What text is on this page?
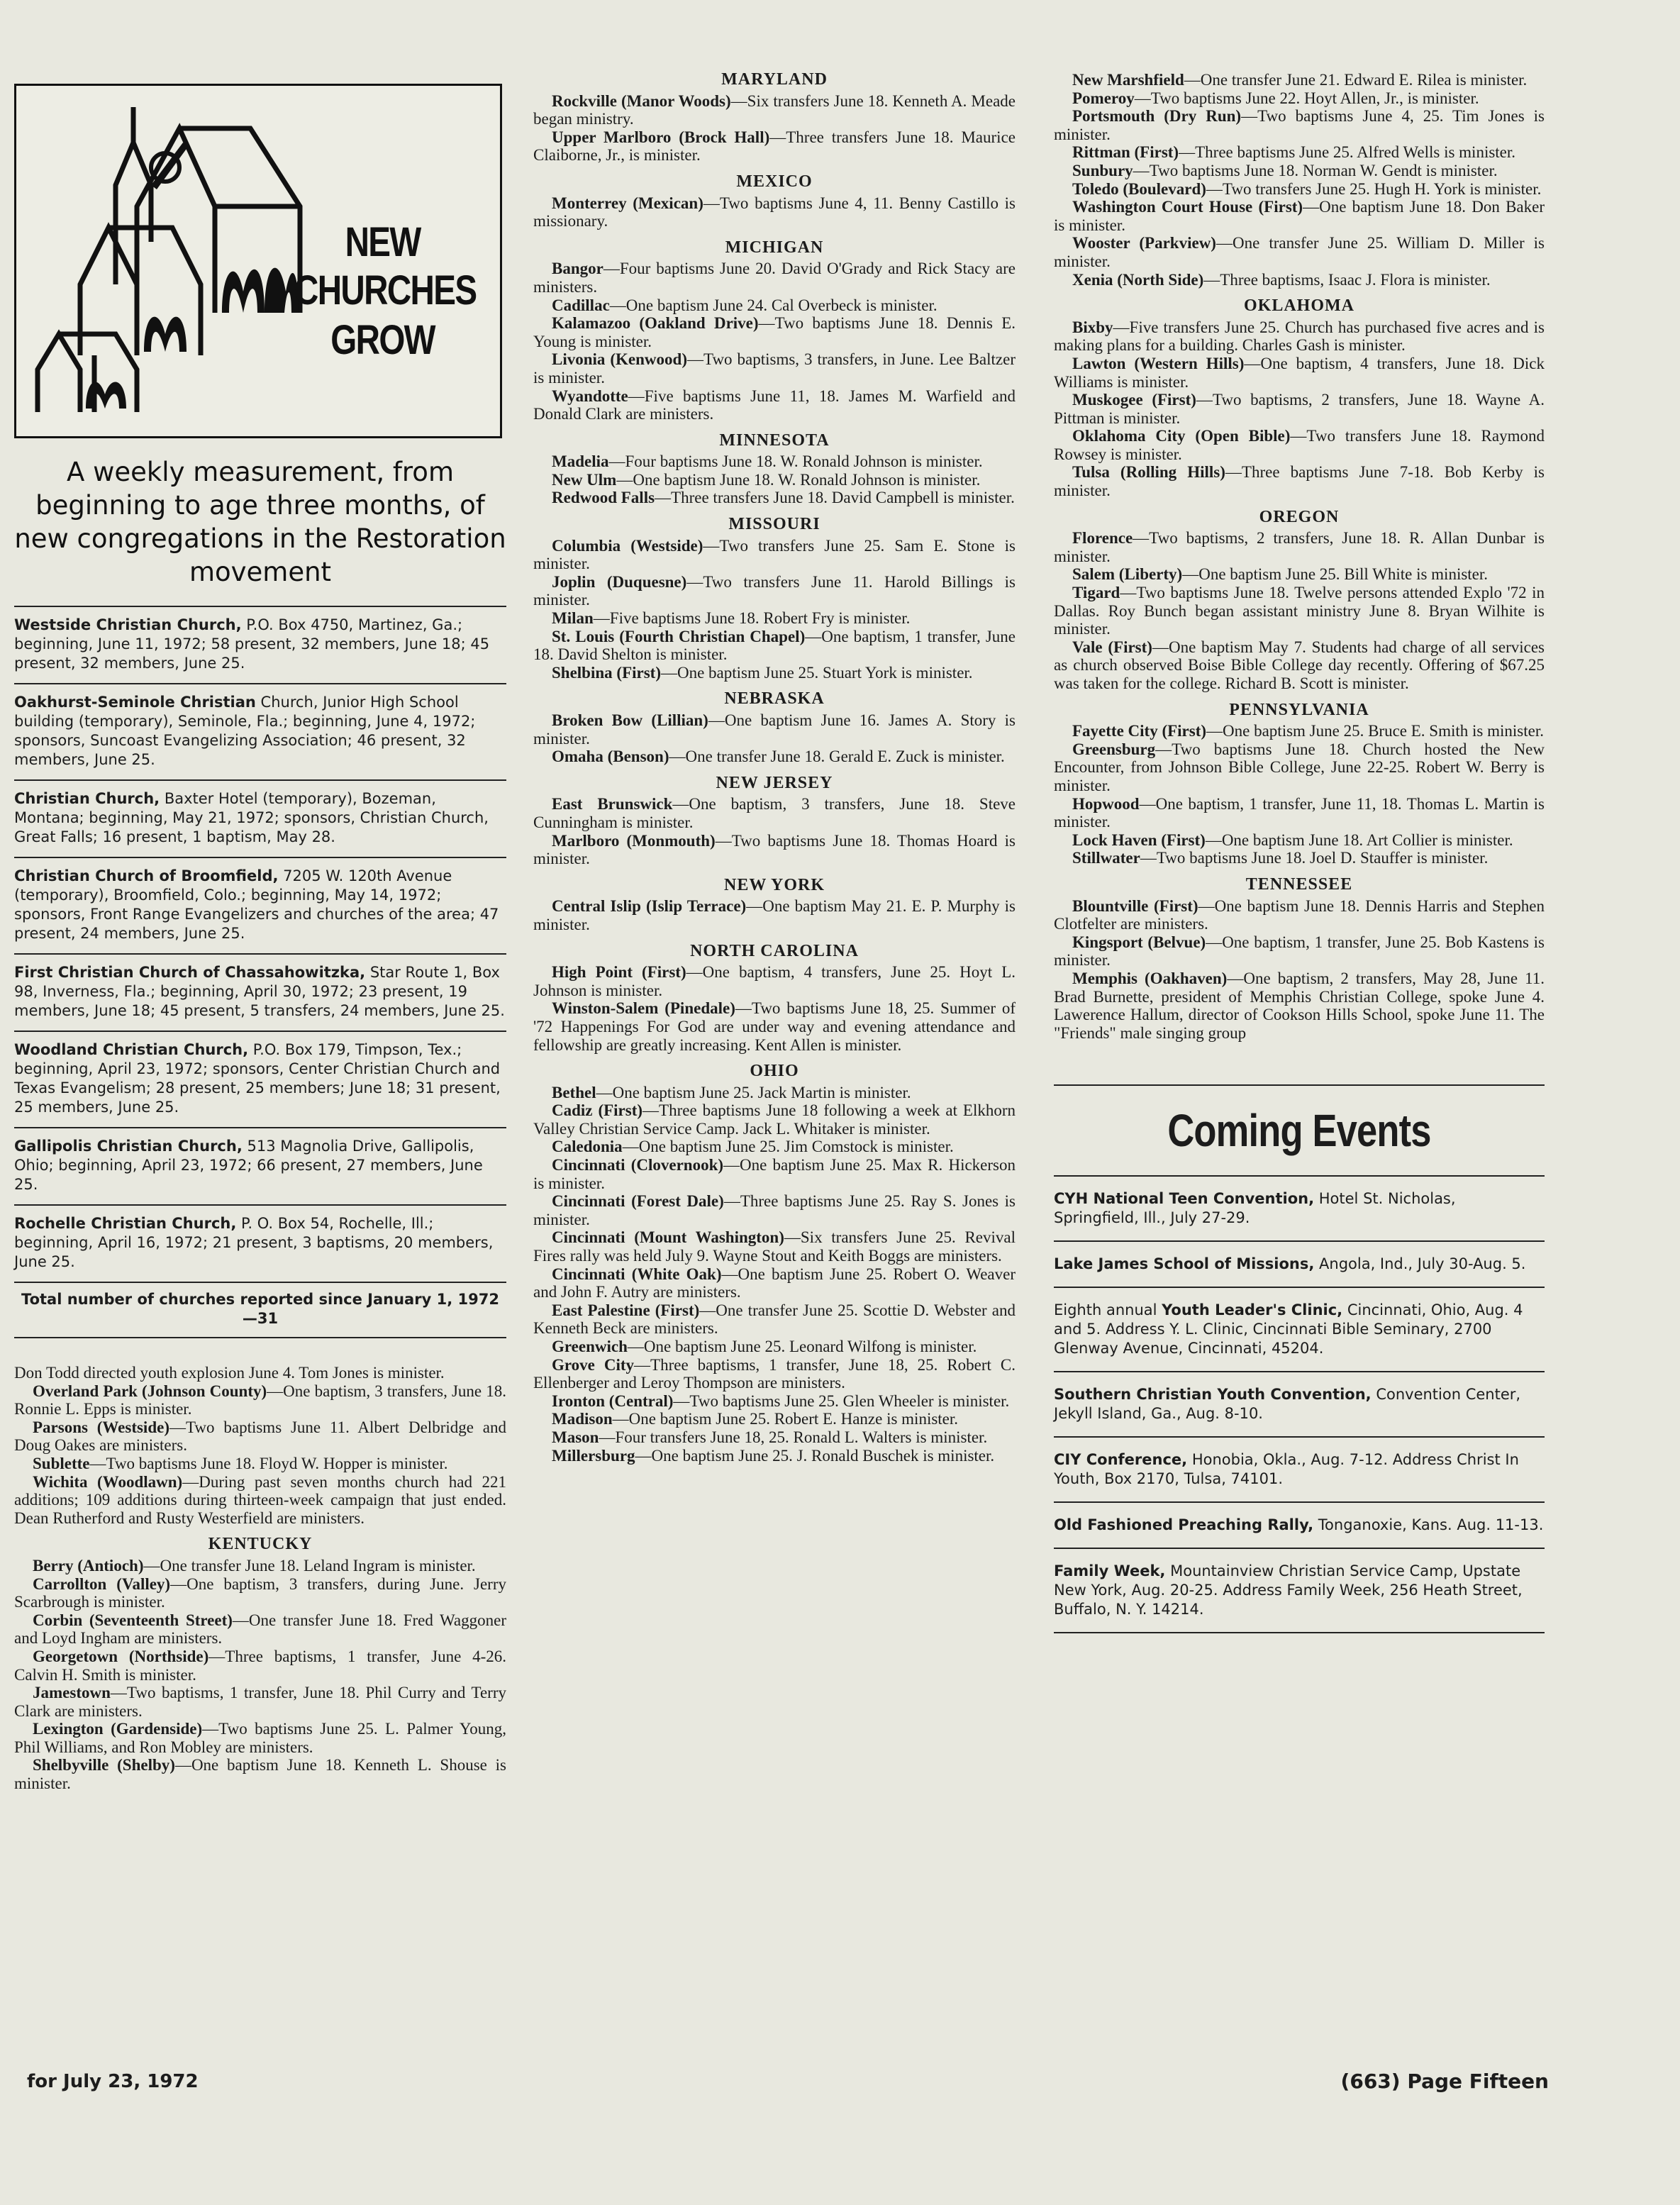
NEW
CHURCHES
GROW
A weekly measurement, from beginning to age three months, of new congregations in the Restoration movement
Westside Christian Church, P.O. Box 4750, Martinez, Ga.; beginning, June 11, 1972; 58 present, 32 members, June 18; 45 present, 32 members, June 25.
Oakhurst-Seminole Christian Church, Junior High School building (temporary), Seminole, Fla.; beginning, June 4, 1972; sponsors, Suncoast Evangelizing Association; 46 present, 32 members, June 25.
Christian Church, Baxter Hotel (temporary), Bozeman, Montana; beginning, May 21, 1972; sponsors, Christian Church, Great Falls; 16 present, 1 baptism, May 28.
Christian Church of Broomfield, 7205 W. 120th Avenue (temporary), Broomfield, Colo.; beginning, May 14, 1972; sponsors, Front Range Evangelizers and churches of the area; 47 present, 24 members, June 25.
First Christian Church of Chassahowitzka, Star Route 1, Box 98, Inverness, Fla.; beginning, April 30, 1972; 23 present, 19 members, June 18; 45 present, 5 transfers, 24 members, June 25.
Woodland Christian Church, P.O. Box 179, Timpson, Tex.; beginning, April 23, 1972; sponsors, Center Christian Church and Texas Evangelism; 28 present, 25 members; June 18; 31 present, 25 members, June 25.
Gallipolis Christian Church, 513 Magnolia Drive, Gallipolis, Ohio; beginning, April 23, 1972; 66 present, 27 members, June 25.
Rochelle Christian Church, P. O. Box 54, Rochelle, Ill.; beginning, April 16, 1972; 21 present, 3 baptisms, 20 members, June 25.
Total number of churches reported since January 1, 1972—31

Don Todd directed youth explosion June 4. Tom Jones is minister.

Overland Park (Johnson County)—One baptism, 3 transfers, June 18. Ronnie L. Epps is minister.

Parsons (Westside)—Two baptisms June 11. Albert Delbridge and Doug Oakes are ministers.

Sublette—Two baptisms June 18. Floyd W. Hopper is minister.

Wichita (Woodlawn)—During past seven months church had 221 additions; 109 additions during thirteen-week campaign that just ended. Dean Rutherford and Rusty Westerfield are ministers.

KENTUCKY

Berry (Antioch)—One transfer June 18. Leland Ingram is minister.

Carrollton (Valley)—One baptism, 3 transfers, during June. Jerry Scarbrough is minister.

Corbin (Seventeenth Street)—One transfer June 18. Fred Waggoner and Loyd Ingham are ministers.

Georgetown (Northside)—Three baptisms, 1 transfer, June 4-26. Calvin H. Smith is minister.

Jamestown—Two baptisms, 1 transfer, June 18. Phil Curry and Terry Clark are ministers.

Lexington (Gardenside)—Two baptisms June 25. L. Palmer Young, Phil Williams, and Ron Mobley are ministers.

Shelbyville (Shelby)—One baptism June 18. Kenneth L. Shouse is minister.

MARYLAND

Rockville (Manor Woods)—Six transfers June 18. Kenneth A. Meade began ministry.

Upper Marlboro (Brock Hall)—Three transfers June 18. Maurice Claiborne, Jr., is minister.

MEXICO

Monterrey (Mexican)—Two baptisms June 4, 11. Benny Castillo is missionary.

MICHIGAN

Bangor—Four baptisms June 20. David O'Grady and Rick Stacy are ministers.

Cadillac—One baptism June 24. Cal Overbeck is minister.

Kalamazoo (Oakland Drive)—Two baptisms June 18. Dennis E. Young is minister.

Livonia (Kenwood)—Two baptisms, 3 transfers, in June. Lee Baltzer is minister.

Wyandotte—Five baptisms June 11, 18. James M. Warfield and Donald Clark are ministers.

MINNESOTA

Madelia—Four baptisms June 18. W. Ronald Johnson is minister.

New Ulm—One baptism June 18. W. Ronald Johnson is minister.

Redwood Falls—Three transfers June 18. David Campbell is minister.

MISSOURI

Columbia (Westside)—Two transfers June 25. Sam E. Stone is minister.

Joplin (Duquesne)—Two transfers June 11. Harold Billings is minister.

Milan—Five baptisms June 18. Robert Fry is minister.

St. Louis (Fourth Christian Chapel)—One baptism, 1 transfer, June 18. David Shelton is minister.

Shelbina (First)—One baptism June 25. Stuart York is minister.

NEBRASKA

Broken Bow (Lillian)—One baptism June 16. James A. Story is minister.

Omaha (Benson)—One transfer June 18. Gerald E. Zuck is minister.

NEW JERSEY

East Brunswick—One baptism, 3 transfers, June 18. Steve Cunningham is minister.

Marlboro (Monmouth)—Two baptisms June 18. Thomas Hoard is minister.

NEW YORK

Central Islip (Islip Terrace)—One baptism May 21. E. P. Murphy is minister.

NORTH CAROLINA

High Point (First)—One baptism, 4 transfers, June 25. Hoyt L. Johnson is minister.

Winston-Salem (Pinedale)—Two baptisms June 18, 25. Summer of '72 Happenings For God are under way and evening attendance and fellowship are greatly increasing. Kent Allen is minister.

OHIO

Bethel—One baptism June 25. Jack Martin is minister.

Cadiz (First)—Three baptisms June 18 following a week at Elkhorn Valley Christian Service Camp. Jack L. Whitaker is minister.

Caledonia—One baptism June 25. Jim Comstock is minister.

Cincinnati (Clovernook)—One baptism June 25. Max R. Hickerson is minister.

Cincinnati (Forest Dale)—Three baptisms June 25. Ray S. Jones is minister.

Cincinnati (Mount Washington)—Six transfers June 25. Revival Fires rally was held July 9. Wayne Stout and Keith Boggs are ministers.

Cincinnati (White Oak)—One baptism June 25. Robert O. Weaver and John F. Autry are ministers.

East Palestine (First)—One transfer June 25. Scottie D. Webster and Kenneth Beck are ministers.

Greenwich—One baptism June 25. Leonard Wilfong is minister.

Grove City—Three baptisms, 1 transfer, June 18, 25. Robert C. Ellenberger and Leroy Thompson are ministers.

Ironton (Central)—Two baptisms June 25. Glen Wheeler is minister.

Madison—One baptism June 25. Robert E. Hanze is minister.

Mason—Four transfers June 18, 25. Ronald L. Walters is minister.

Millersburg—One baptism June 25. J. Ronald Buschek is minister.

New Marshfield—One transfer June 21. Edward E. Rilea is minister.

Pomeroy—Two baptisms June 22. Hoyt Allen, Jr., is minister.

Portsmouth (Dry Run)—Two baptisms June 4, 25. Tim Jones is minister.

Rittman (First)—Three baptisms June 25. Alfred Wells is minister.

Sunbury—Two baptisms June 18. Norman W. Gendt is minister.

Toledo (Boulevard)—Two transfers June 25. Hugh H. York is minister.

Washington Court House (First)—One baptism June 18. Don Baker is minister.

Wooster (Parkview)—One transfer June 25. William D. Miller is minister.

Xenia (North Side)—Three baptisms, Isaac J. Flora is minister.

OKLAHOMA

Bixby—Five transfers June 25. Church has purchased five acres and is making plans for a building. Charles Gash is minister.

Lawton (Western Hills)—One baptism, 4 transfers, June 18. Dick Williams is minister.

Muskogee (First)—Two baptisms, 2 transfers, June 18. Wayne A. Pittman is minister.

Oklahoma City (Open Bible)—Two transfers June 18. Raymond Rowsey is minister.

Tulsa (Rolling Hills)—Three baptisms June 7-18. Bob Kerby is minister.

OREGON

Florence—Two baptisms, 2 transfers, June 18. R. Allan Dunbar is minister.

Salem (Liberty)—One baptism June 25. Bill White is minister.

Tigard—Two baptisms June 18. Twelve persons attended Explo '72 in Dallas. Roy Bunch began assistant ministry June 8. Bryan Wilhite is minister.

Vale (First)—One baptism May 7. Students had charge of all services as church observed Boise Bible College day recently. Offering of $67.25 was taken for the college. Richard B. Scott is minister.

PENNSYLVANIA

Fayette City (First)—One baptism June 25. Bruce E. Smith is minister.

Greensburg—Two baptisms June 18. Church hosted the New Encounter, from Johnson Bible College, June 22-25. Robert W. Berry is minister.

Hopwood—One baptism, 1 transfer, June 11, 18. Thomas L. Martin is minister.

Lock Haven (First)—One baptism June 18. Art Collier is minister.

Stillwater—Two baptisms June 18. Joel D. Stauffer is minister.

TENNESSEE

Blountville (First)—One baptism June 18. Dennis Harris and Stephen Clotfelter are ministers.

Kingsport (Belvue)—One baptism, 1 transfer, June 25. Bob Kastens is minister.

Memphis (Oakhaven)—One baptism, 2 transfers, May 28, June 11. Brad Burnette, president of Memphis Christian College, spoke June 4. Lawerence Hallum, director of Cookson Hills School, spoke June 11. The "Friends" male singing group

Coming Events
CYH National Teen Convention, Hotel St. Nicholas, Springfield, Ill., July 27-29.
Lake James School of Missions, Angola, Ind., July 30-Aug. 5.
Eighth annual Youth Leader's Clinic, Cincinnati, Ohio, Aug. 4 and 5. Address Y. L. Clinic, Cincinnati Bible Seminary, 2700 Glenway Avenue, Cincinnati, 45204.
Southern Christian Youth Convention, Convention Center, Jekyll Island, Ga., Aug. 8-10.
CIY Conference, Honobia, Okla., Aug. 7-12. Address Christ In Youth, Box 2170, Tulsa, 74101.
Old Fashioned Preaching Rally, Tonganoxie, Kans. Aug. 11-13.
Family Week, Mountainview Christian Service Camp, Upstate New York, Aug. 20-25. Address Family Week, 256 Heath Street, Buffalo, N. Y. 14214.
for July 23, 1972	(663) Page Fifteen
